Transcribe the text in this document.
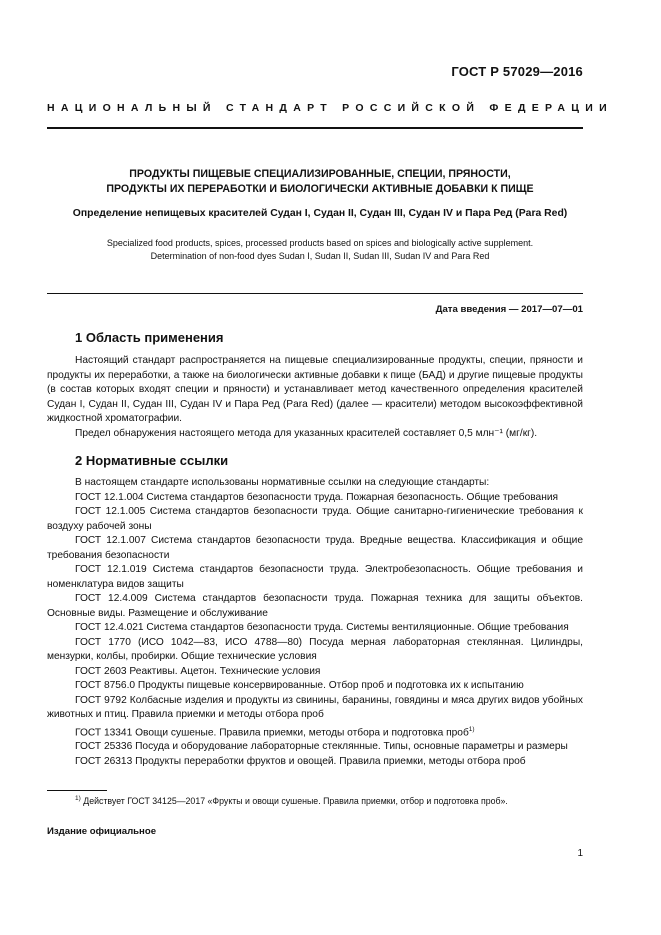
ГОСТ Р 57029—2016
НАЦИОНАЛЬНЫЙ СТАНДАРТ РОССИЙСКОЙ ФЕДЕРАЦИИ
ПРОДУКТЫ ПИЩЕВЫЕ СПЕЦИАЛИЗИРОВАННЫЕ, СПЕЦИИ, ПРЯНОСТИ,
ПРОДУКТЫ ИХ ПЕРЕРАБОТКИ И БИОЛОГИЧЕСКИ АКТИВНЫЕ ДОБАВКИ К ПИЩЕ
Определение непищевых красителей Судан I, Судан II, Судан III, Судан IV и Пара Ред (Para Red)
Specialized food products, spices, processed products based on spices and biologically active supplement.
Determination of non-food dyes Sudan I, Sudan II, Sudan III, Sudan IV and Para Red
Дата введения — 2017—07—01
1 Область применения

Настоящий стандарт распространяется на пищевые специализированные продукты, специи, пряности и продукты их переработки, а также на биологически активные добавки к пище (БАД) и другие пищевые продукты (в состав которых входят специи и пряности) и устанавливает метод качественного определения красителей Судан I, Судан II, Судан III, Судан IV и Пара Ред (Para Red) (далее — красители) методом высокоэффективной жидкостной хроматографии.

Предел обнаружения настоящего метода для указанных красителей составляет 0,5 млн⁻¹ (мг/кг).

2 Нормативные ссылки

В настоящем стандарте использованы нормативные ссылки на следующие стандарты:

ГОСТ 12.1.004 Система стандартов безопасности труда. Пожарная безопасность. Общие требования

ГОСТ 12.1.005 Система стандартов безопасности труда. Общие санитарно-гигиенические требования к воздуху рабочей зоны

ГОСТ 12.1.007 Система стандартов безопасности труда. Вредные вещества. Классификация и общие требования безопасности

ГОСТ 12.1.019 Система стандартов безопасности труда. Электробезопасность. Общие требования и номенклатура видов защиты

ГОСТ 12.4.009 Система стандартов безопасности труда. Пожарная техника для защиты объектов. Основные виды. Размещение и обслуживание

ГОСТ 12.4.021 Система стандартов безопасности труда. Системы вентиляционные. Общие требования

ГОСТ 1770 (ИСО 1042—83, ИСО 4788—80) Посуда мерная лабораторная стеклянная. Цилиндры, мензурки, колбы, пробирки. Общие технические условия

ГОСТ 2603 Реактивы. Ацетон. Технические условия

ГОСТ 8756.0 Продукты пищевые консервированные. Отбор проб и подготовка их к испытанию

ГОСТ 9792 Колбасные изделия и продукты из свинины, баранины, говядины и мяса других видов убойных животных и птиц. Правила приемки и методы отбора проб

ГОСТ 13341 Овощи сушеные. Правила приемки, методы отбора и подготовка проб$^{1)}$

ГОСТ 25336 Посуда и оборудование лабораторные стеклянные. Типы, основные параметры и размеры

ГОСТ 26313 Продукты переработки фруктов и овощей. Правила приемки, методы отбора проб

$^{1)}$ Действует ГОСТ 34125—2017 «Фрукты и овощи сушеные. Правила приемки, отбор и подготовка проб».
Издание официальное
1
